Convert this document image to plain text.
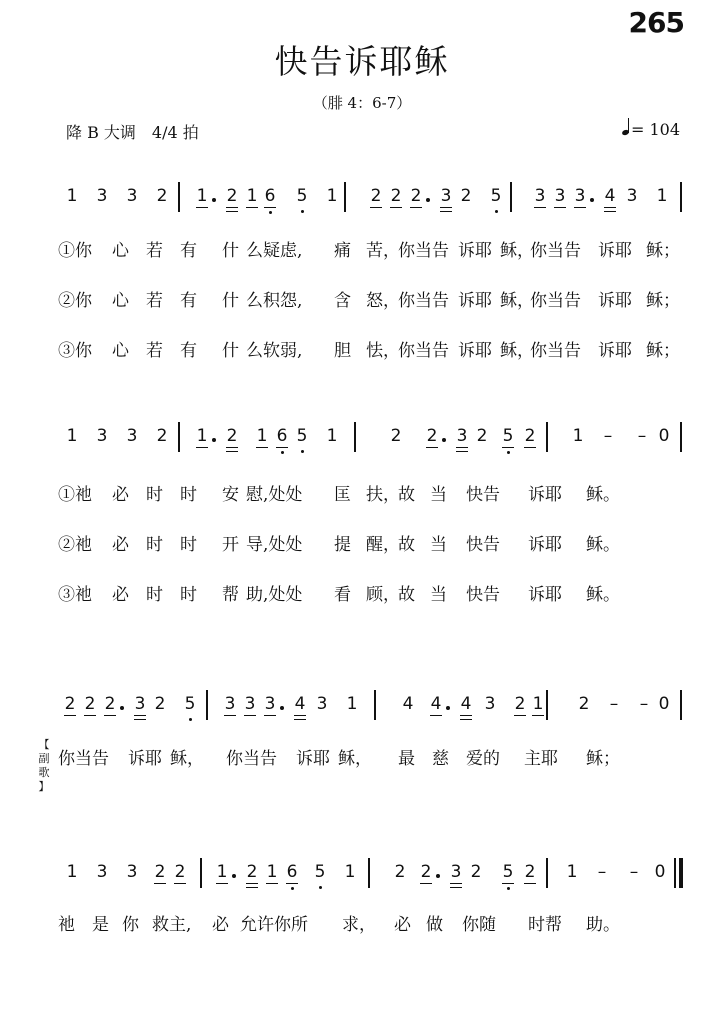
265
快告诉耶稣
（腓 4：6-7）
降 B 大调　4/4 拍	= 104
【
副
歌
】
1 3 3 2 1 2 1 6 5 1 2 2 2 3 2 5 3 3 3 4 3 1
①你 心 若 有 什 么疑虑, 痛 苦，
你当告 诉耶 稣，
你当告 诉耶 稣；
②你 心 若 有 什 么积怨, 含 怒，
你当告 诉耶 稣，
你当告 诉耶 稣；
③你 心 若 有 什 么软弱, 胆 怯，
你当告 诉耶 稣，
你当告 诉耶 稣；
1 3 3 2 1 2 1 6 5 1	2 2 3 2 5 2 1 – – 0
①祂 必 时 时 安 慰,处处 匡 扶，
故 当 快告 诉耶 稣。
②祂 必 时 时 开 导,处处 提 醒，
故 当 快告 诉耶 稣。
③祂 必 时 时 帮 助,处处 看 顾，
故 当 快告 诉耶 稣。
2 2 2 3 2 5 3 3 3 4 3 1	4 4 4 3 2 1 2 – – 0
你当告 诉耶 稣， 你当告 诉耶 稣， 最 慈 爱的 主耶 稣；
1 3 3 2 2 1 2 1 6 5 1 2 2 3 2 5 2 1 – – 0
祂 是 你 救主, 必 允许你所 求， 必 做 你随 时帮 助。
